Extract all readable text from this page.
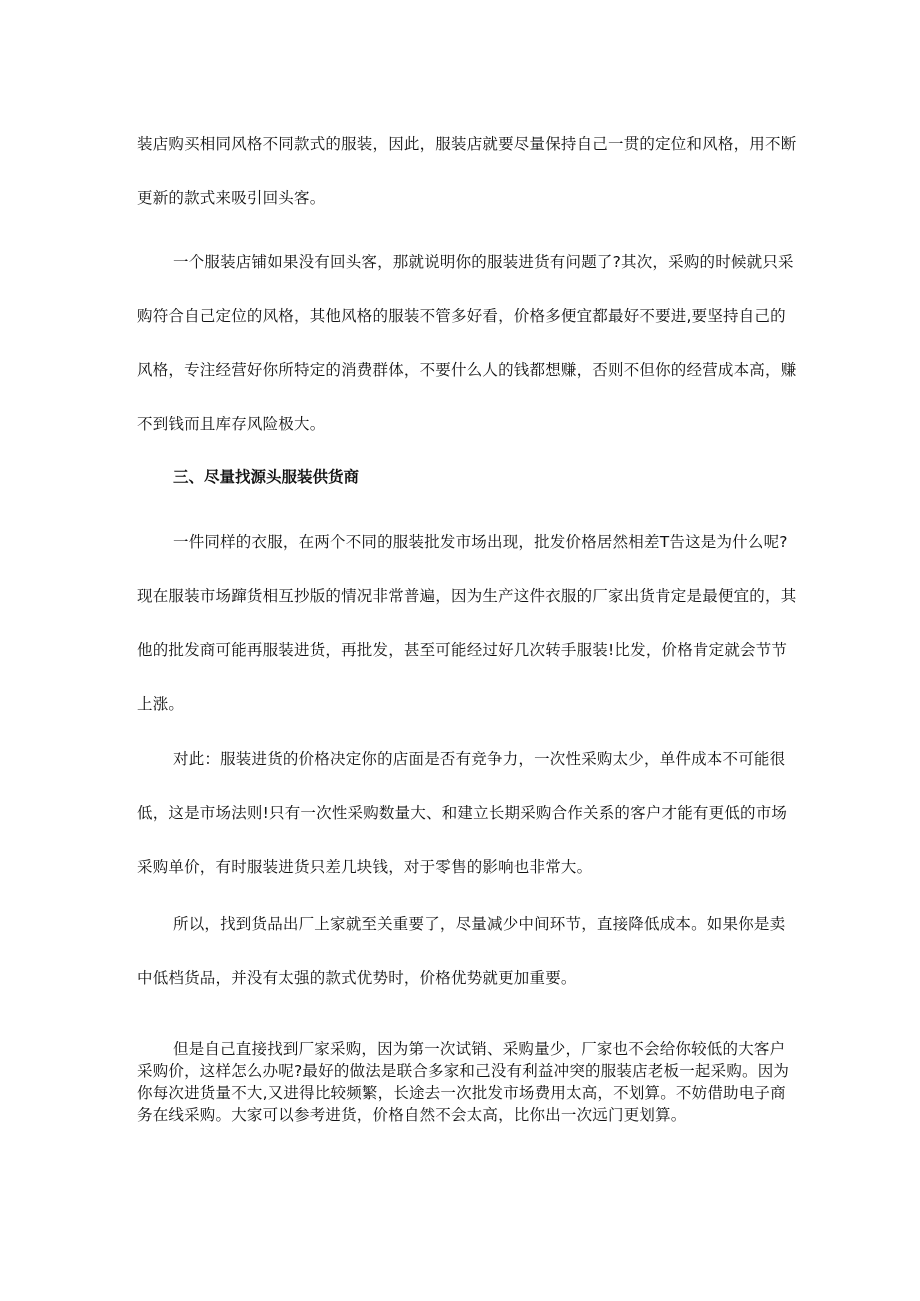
装店购买相同风格不同款式的服装，因此，服装店就要尽量保持自己一贯的定位和风格，用不断
更新的款式来吸引回头客。
一个服装店铺如果没有回头客，那就说明你的服装进货有问题了?其次，采购的时候就只采
购符合自己定位的风格，其他风格的服装不管多好看，价格多便宜都最好不要进,要坚持自己的
风格，专注经营好你所特定的消费群体，不要什么人的钱都想赚，否则不但你的经营成本高，赚
不到钱而且库存风险极大。
三、尽量找源头服装供货商
一件同样的衣服，在两个不同的服装批发市场出现，批发价格居然相差T告这是为什么呢?
现在服装市场蹿货相互抄版的情况非常普遍，因为生产这件衣服的厂家出货肯定是最便宜的，其
他的批发商可能再服装进货，再批发，甚至可能经过好几次转手服装!比发，价格肯定就会节节
上涨。
对此：服装进货的价格决定你的店面是否有竞争力，一次性采购太少，单件成本不可能很
低，这是市场法则!只有一次性采购数量大、和建立长期采购合作关系的客户才能有更低的市场
采购单价，有时服装进货只差几块钱，对于零售的影响也非常大。
所以，找到货品出厂上家就至关重要了，尽量减少中间环节，直接降低成本。如果你是卖
中低档货品，并没有太强的款式优势时，价格优势就更加重要。
但是自己直接找到厂家采购，因为第一次试销、采购量少，厂家也不会给你较低的大客户
采购价，这样怎么办呢?最好的做法是联合多家和己没有利益冲突的服装店老板一起采购。因为
你每次进货量不大,又进得比较频繁，长途去一次批发市场费用太高，不划算。不妨借助电子商
务在线采购。大家可以参考进货，价格自然不会太高，比你出一次远门更划算。
